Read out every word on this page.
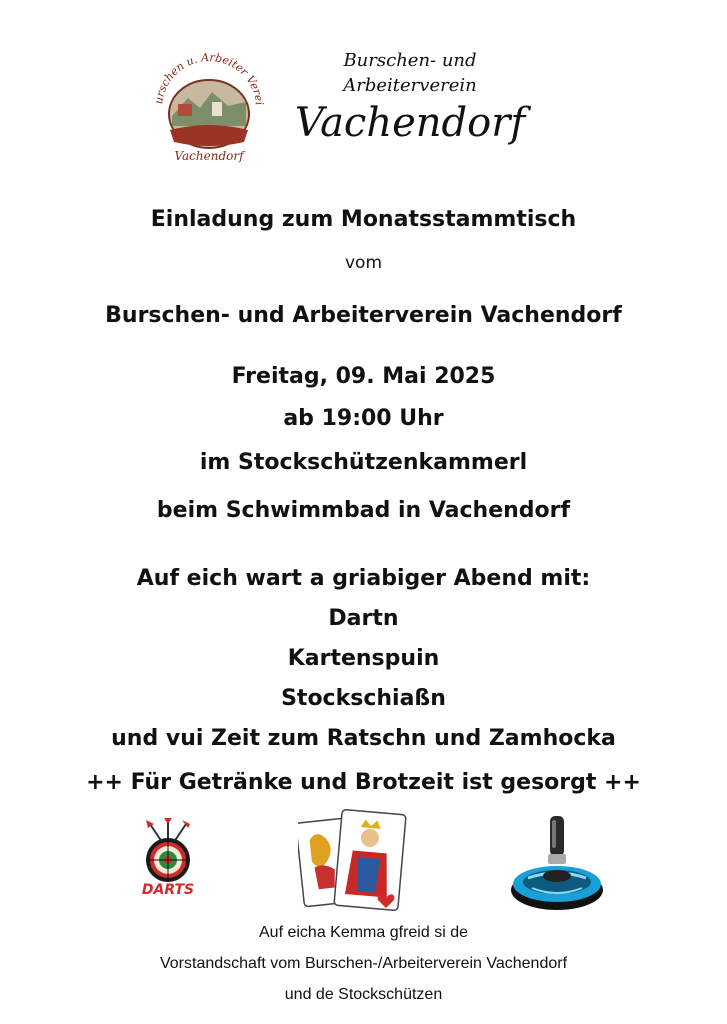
urschen u. Arbeiter Verei
Vachendorf
Burschen- und
Arbeiterverein
Vachendorf
Einladung zum Monatsstammtisch
vom
Burschen- und Arbeiterverein Vachendorf
Freitag, 09. Mai 2025
ab 19:00 Uhr
im Stockschützenkammerl
beim Schwimmbad in Vachendorf
Auf eich wart a griabiger Abend mit:
Dartn
Kartenspuin
Stockschiaßn
und vui Zeit zum Ratschn und Zamhocka
++ Für Getränke und Brotzeit ist gesorgt ++
DARTS
Auf eicha Kemma gfreid si de
Vorstandschaft vom Burschen-/Arbeiterverein Vachendorf
und de Stockschützen
